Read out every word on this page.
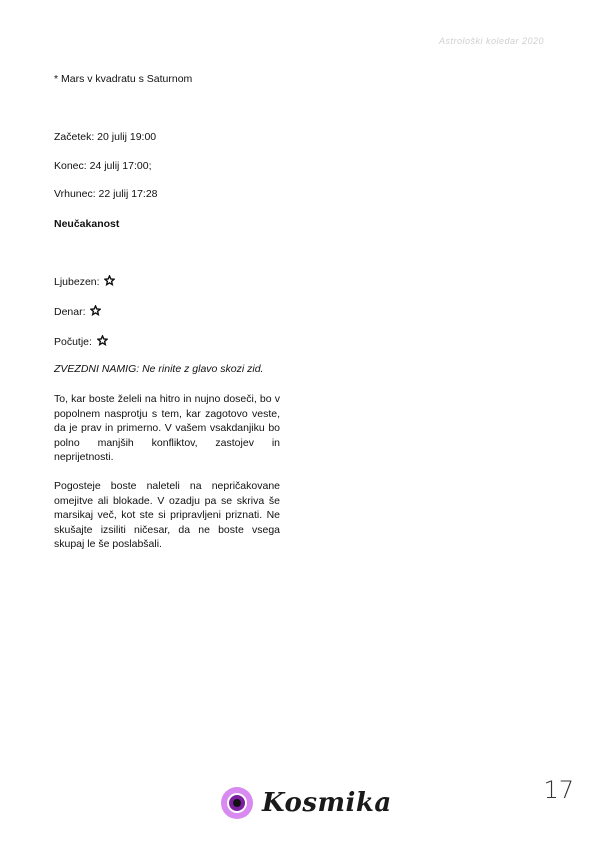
Astrološki koledar 2020
* Mars v kvadratu s Saturnom
Začetek: 20 julij 19:00
Konec: 24 julij 17:00;
Vrhunec: 22 julij 17:28
Neučakanost
Ljubezen:
Denar:
Počutje:
ZVEZDNI NAMIG: Ne rinite z glavo skozi zid.
To, kar boste želeli na hitro in nujno doseči, bo v popolnem nasprotju s tem, kar zagotovo veste, da je prav in primerno. V vašem vsakdanjiku bo polno manjših konfliktov, zastojev in neprijetnosti.
Pogosteje boste naleteli na nepričakovane omejitve ali blokade. V ozadju pa se skriva še marsikaj več, kot ste si pripravljeni priznati. Ne skušajte izsiliti ničesar, da ne boste vsega skupaj le še poslabšali.
17
Kosmika
